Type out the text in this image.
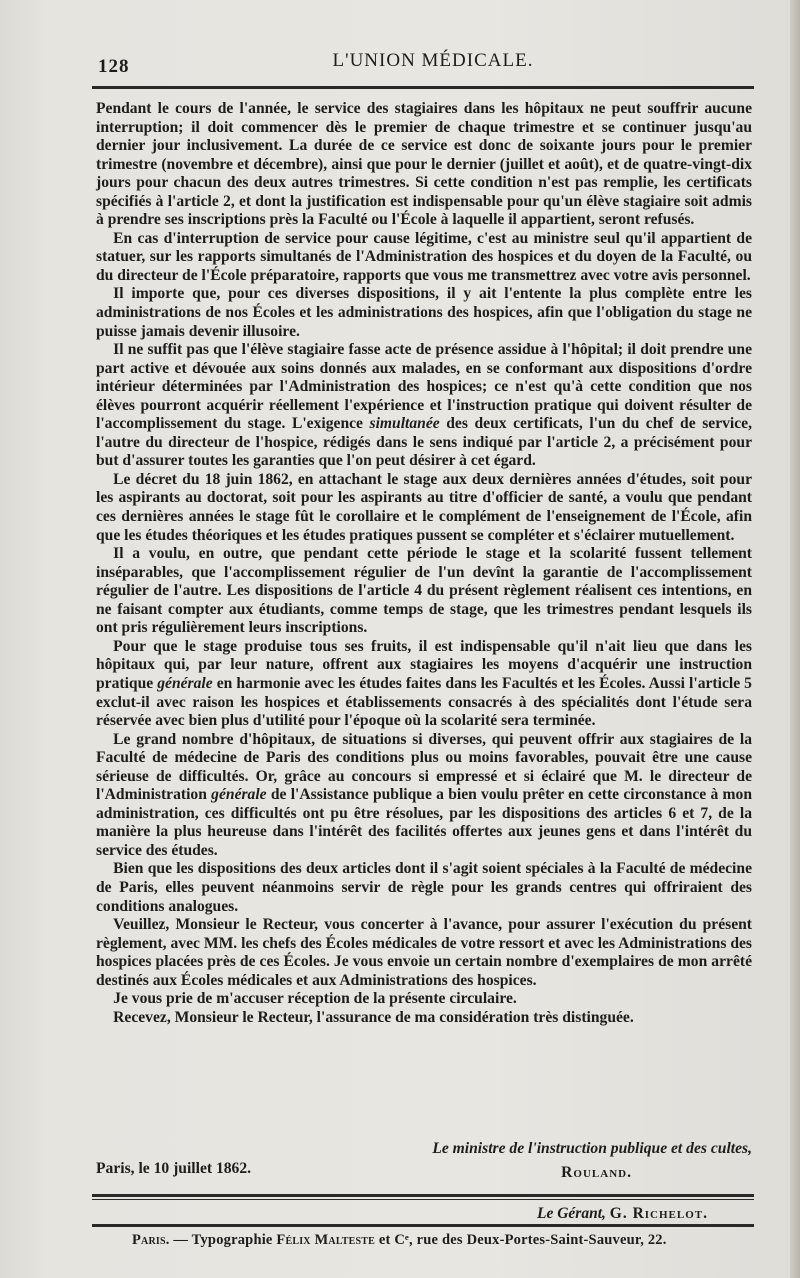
128	L'UNION MÉDICALE.

Pendant le cours de l'année, le service des stagiaires dans les hôpitaux ne peut souffrir aucune interruption; il doit commencer dès le premier de chaque trimestre et se continuer jusqu'au dernier jour inclusivement. La durée de ce service est donc de soixante jours pour le premier trimestre (novembre et décembre), ainsi que pour le dernier (juillet et août), et de quatre-vingt-dix jours pour chacun des deux autres trimestres. Si cette condition n'est pas remplie, les certificats spécifiés à l'article 2, et dont la justification est indispensable pour qu'un élève stagiaire soit admis à prendre ses inscriptions près la Faculté ou l'École à laquelle il appartient, seront refusés.

En cas d'interruption de service pour cause légitime, c'est au ministre seul qu'il appartient de statuer, sur les rapports simultanés de l'Administration des hospices et du doyen de la Faculté, ou du directeur de l'École préparatoire, rapports que vous me transmettrez avec votre avis personnel.

Il importe que, pour ces diverses dispositions, il y ait l'entente la plus complète entre les administrations de nos Écoles et les administrations des hospices, afin que l'obligation du stage ne puisse jamais devenir illusoire.

Il ne suffit pas que l'élève stagiaire fasse acte de présence assidue à l'hôpital; il doit prendre une part active et dévouée aux soins donnés aux malades, en se conformant aux dispositions d'ordre intérieur déterminées par l'Administration des hospices; ce n'est qu'à cette condition que nos élèves pourront acquérir réellement l'expérience et l'instruction pratique qui doivent résulter de l'accomplissement du stage. L'exigence simultanée des deux certificats, l'un du chef de service, l'autre du directeur de l'hospice, rédigés dans le sens indiqué par l'article 2, a précisément pour but d'assurer toutes les garanties que l'on peut désirer à cet égard.

Le décret du 18 juin 1862, en attachant le stage aux deux dernières années d'études, soit pour les aspirants au doctorat, soit pour les aspirants au titre d'officier de santé, a voulu que pendant ces dernières années le stage fût le corollaire et le complément de l'enseignement de l'École, afin que les études théoriques et les études pratiques pussent se compléter et s'éclairer mutuellement.

Il a voulu, en outre, que pendant cette période le stage et la scolarité fussent tellement inséparables, que l'accomplissement régulier de l'un devînt la garantie de l'accomplissement régulier de l'autre. Les dispositions de l'article 4 du présent règlement réalisent ces intentions, en ne faisant compter aux étudiants, comme temps de stage, que les trimestres pendant lesquels ils ont pris régulièrement leurs inscriptions.

Pour que le stage produise tous ses fruits, il est indispensable qu'il n'ait lieu que dans les hôpitaux qui, par leur nature, offrent aux stagiaires les moyens d'acquérir une instruction pratique générale en harmonie avec les études faites dans les Facultés et les Écoles. Aussi l'article 5 exclut-il avec raison les hospices et établissements consacrés à des spécialités dont l'étude sera réservée avec bien plus d'utilité pour l'époque où la scolarité sera terminée.

Le grand nombre d'hôpitaux, de situations si diverses, qui peuvent offrir aux stagiaires de la Faculté de médecine de Paris des conditions plus ou moins favorables, pouvait être une cause sérieuse de difficultés. Or, grâce au concours si empressé et si éclairé que M. le directeur de l'Administration générale de l'Assistance publique a bien voulu prêter en cette circonstance à mon administration, ces difficultés ont pu être résolues, par les dispositions des articles 6 et 7, de la manière la plus heureuse dans l'intérêt des facilités offertes aux jeunes gens et dans l'intérêt du service des études.

Bien que les dispositions des deux articles dont il s'agit soient spéciales à la Faculté de médecine de Paris, elles peuvent néanmoins servir de règle pour les grands centres qui offriraient des conditions analogues.

Veuillez, Monsieur le Recteur, vous concerter à l'avance, pour assurer l'exécution du présent règlement, avec MM. les chefs des Écoles médicales de votre ressort et avec les Administrations des hospices placées près de ces Écoles. Je vous envoie un certain nombre d'exemplaires de mon arrêté destinés aux Écoles médicales et aux Administrations des hospices.

Je vous prie de m'accuser réception de la présente circulaire.

Recevez, Monsieur le Recteur, l'assurance de ma considération très distinguée.

Le ministre de l'instruction publique et des cultes,
Paris, le 10 juillet 1862.	Rouland.
Le Gérant, G. Richelot.
Paris. — Typographie Félix Malteste et Cᵉ, rue des Deux-Portes-Saint-Sauveur, 22.
